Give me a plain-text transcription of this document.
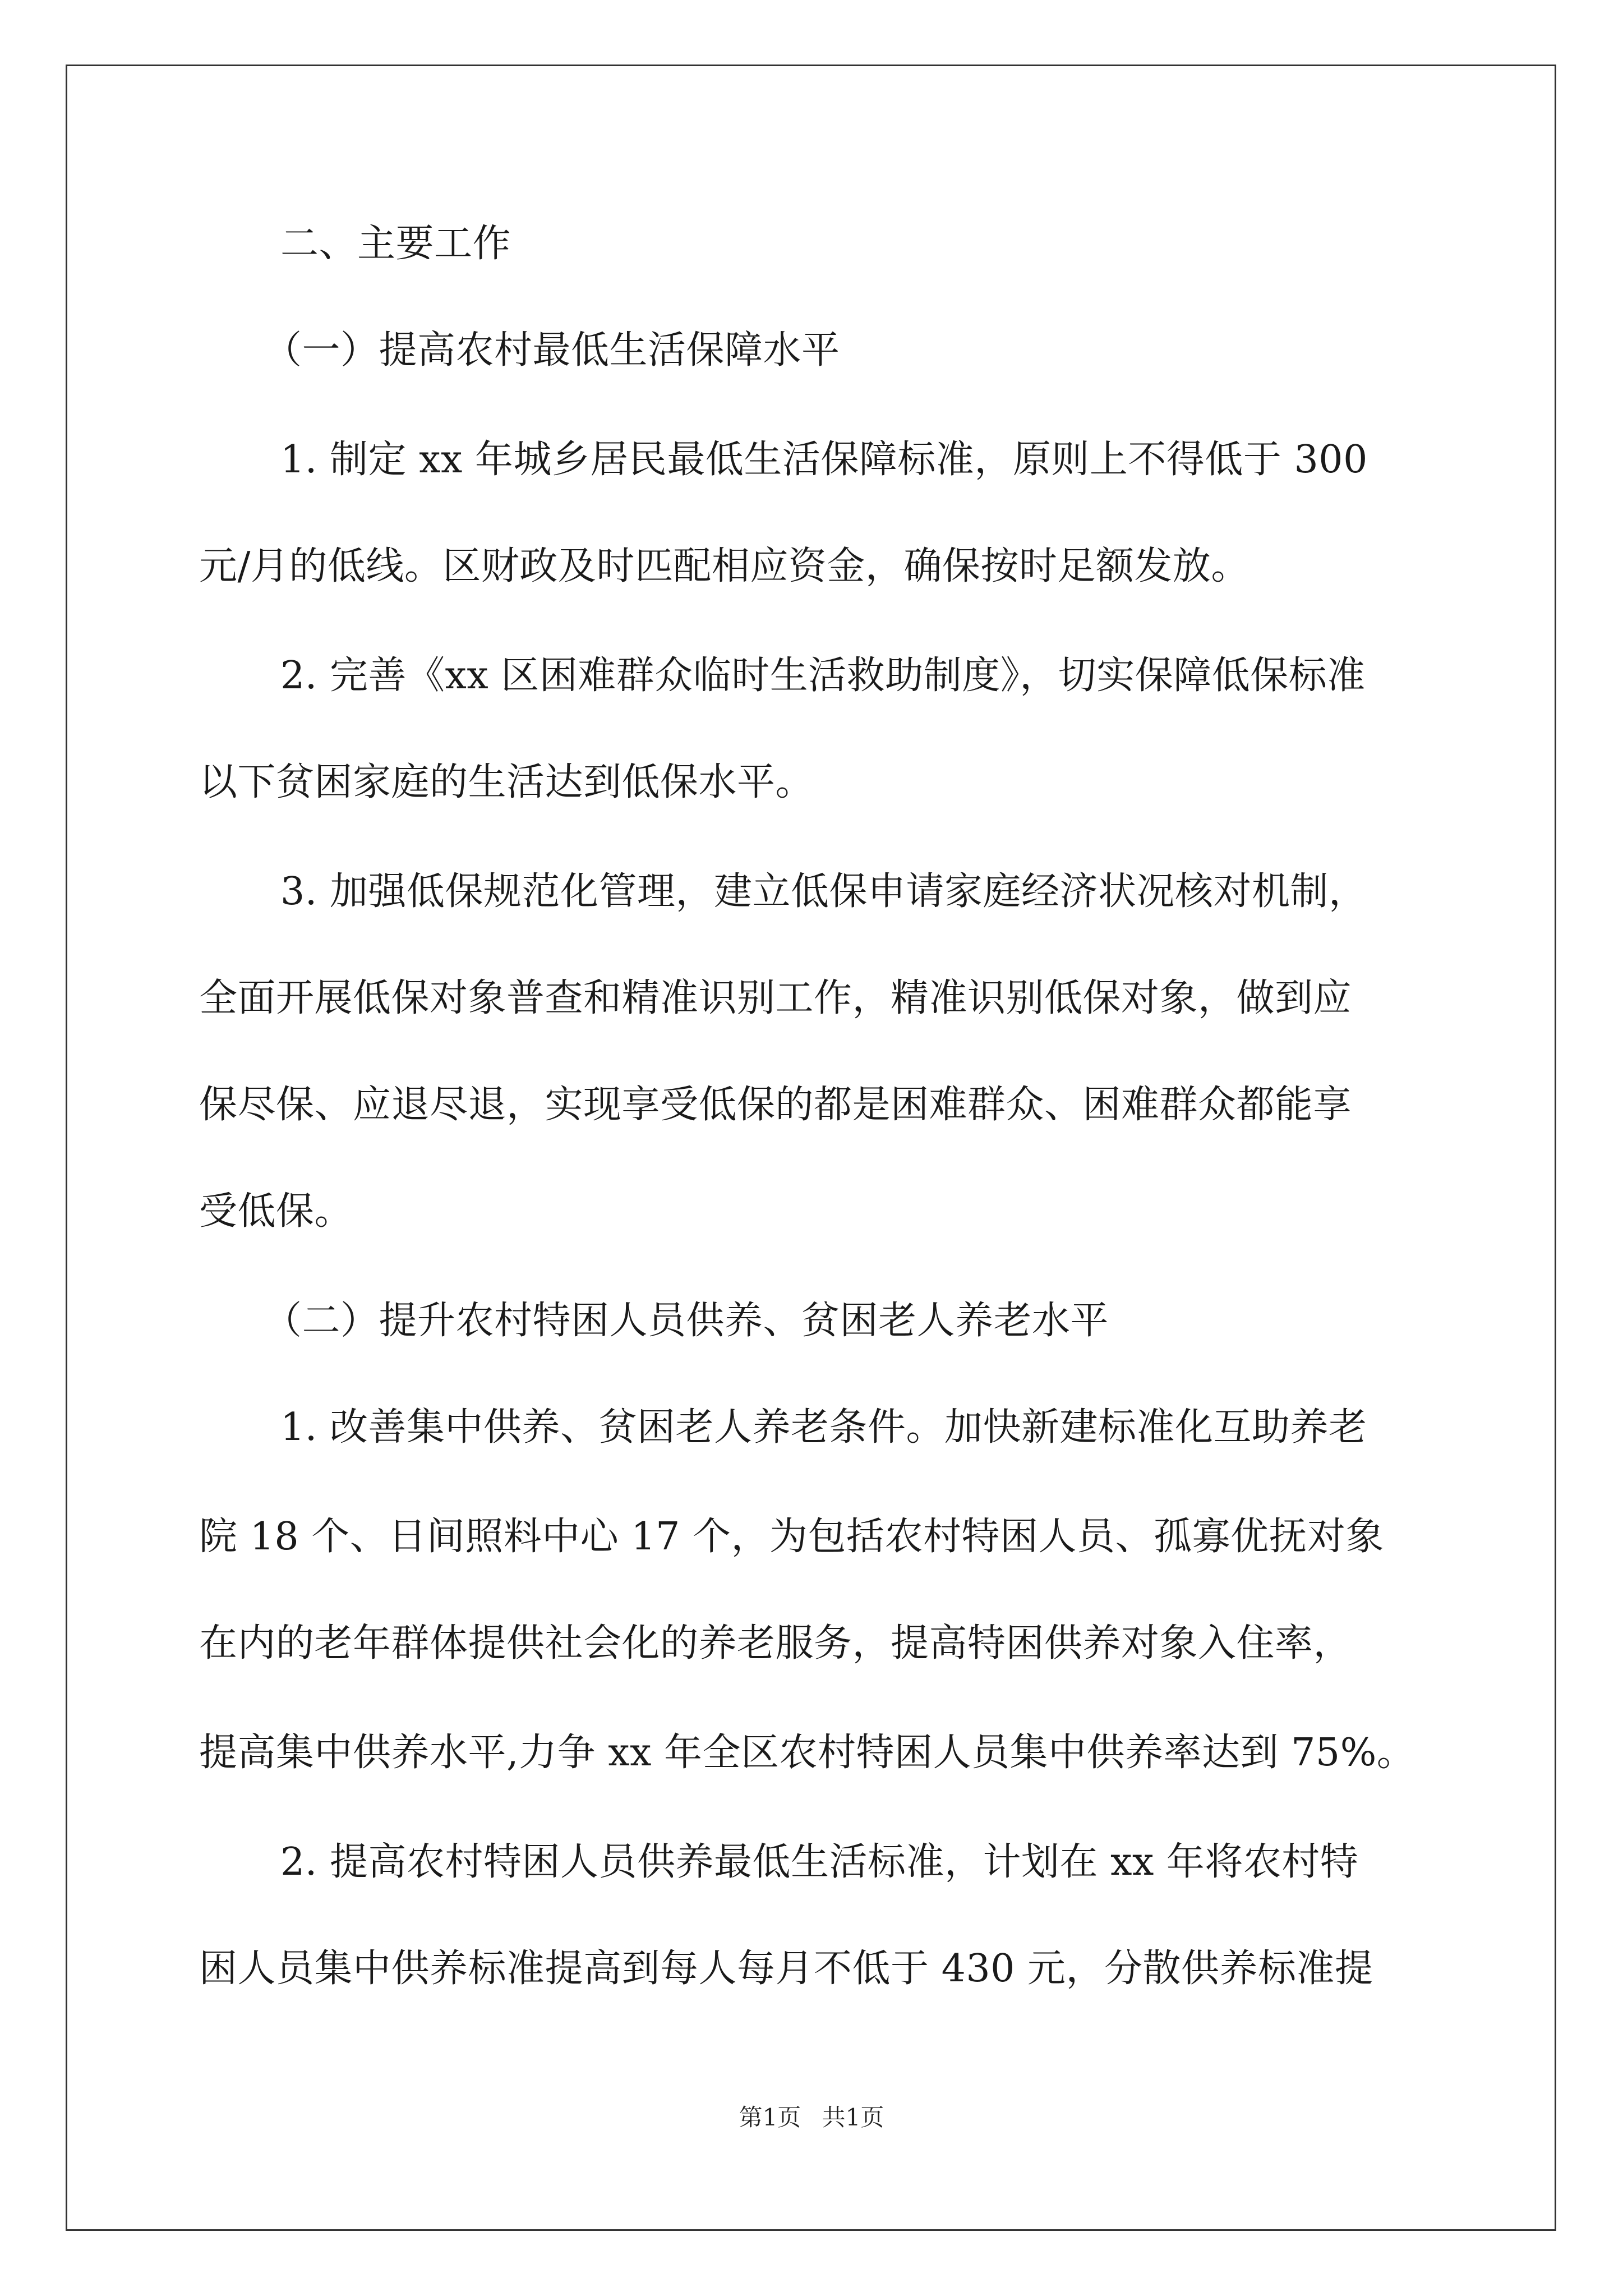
二、主要工作
（一）提高农村最低生活保障水平
1. 制定 xx 年城乡居民最低生活保障标准，原则上不得低于 300
元/月的低线。区财政及时匹配相应资金，确保按时足额发放。
2. 完善《xx 区困难群众临时生活救助制度》，切实保障低保标准
以下贫困家庭的生活达到低保水平。
3. 加强低保规范化管理，建立低保申请家庭经济状况核对机制，
全面开展低保对象普查和精准识别工作，精准识别低保对象，做到应
保尽保、应退尽退，实现享受低保的都是困难群众、困难群众都能享
受低保。
（二）提升农村特困人员供养、贫困老人养老水平
1. 改善集中供养、贫困老人养老条件。加快新建标准化互助养老
院 18 个、日间照料中心 17 个，为包括农村特困人员、孤寡优抚对象
在内的老年群体提供社会化的养老服务，提高特困供养对象入住率，
提高集中供养水平,力争 xx 年全区农村特困人员集中供养率达到 75%。
2. 提高农村特困人员供养最低生活标准，计划在 xx 年将农村特
困人员集中供养标准提高到每人每月不低于 430 元，分散供养标准提
第1页 共1页
